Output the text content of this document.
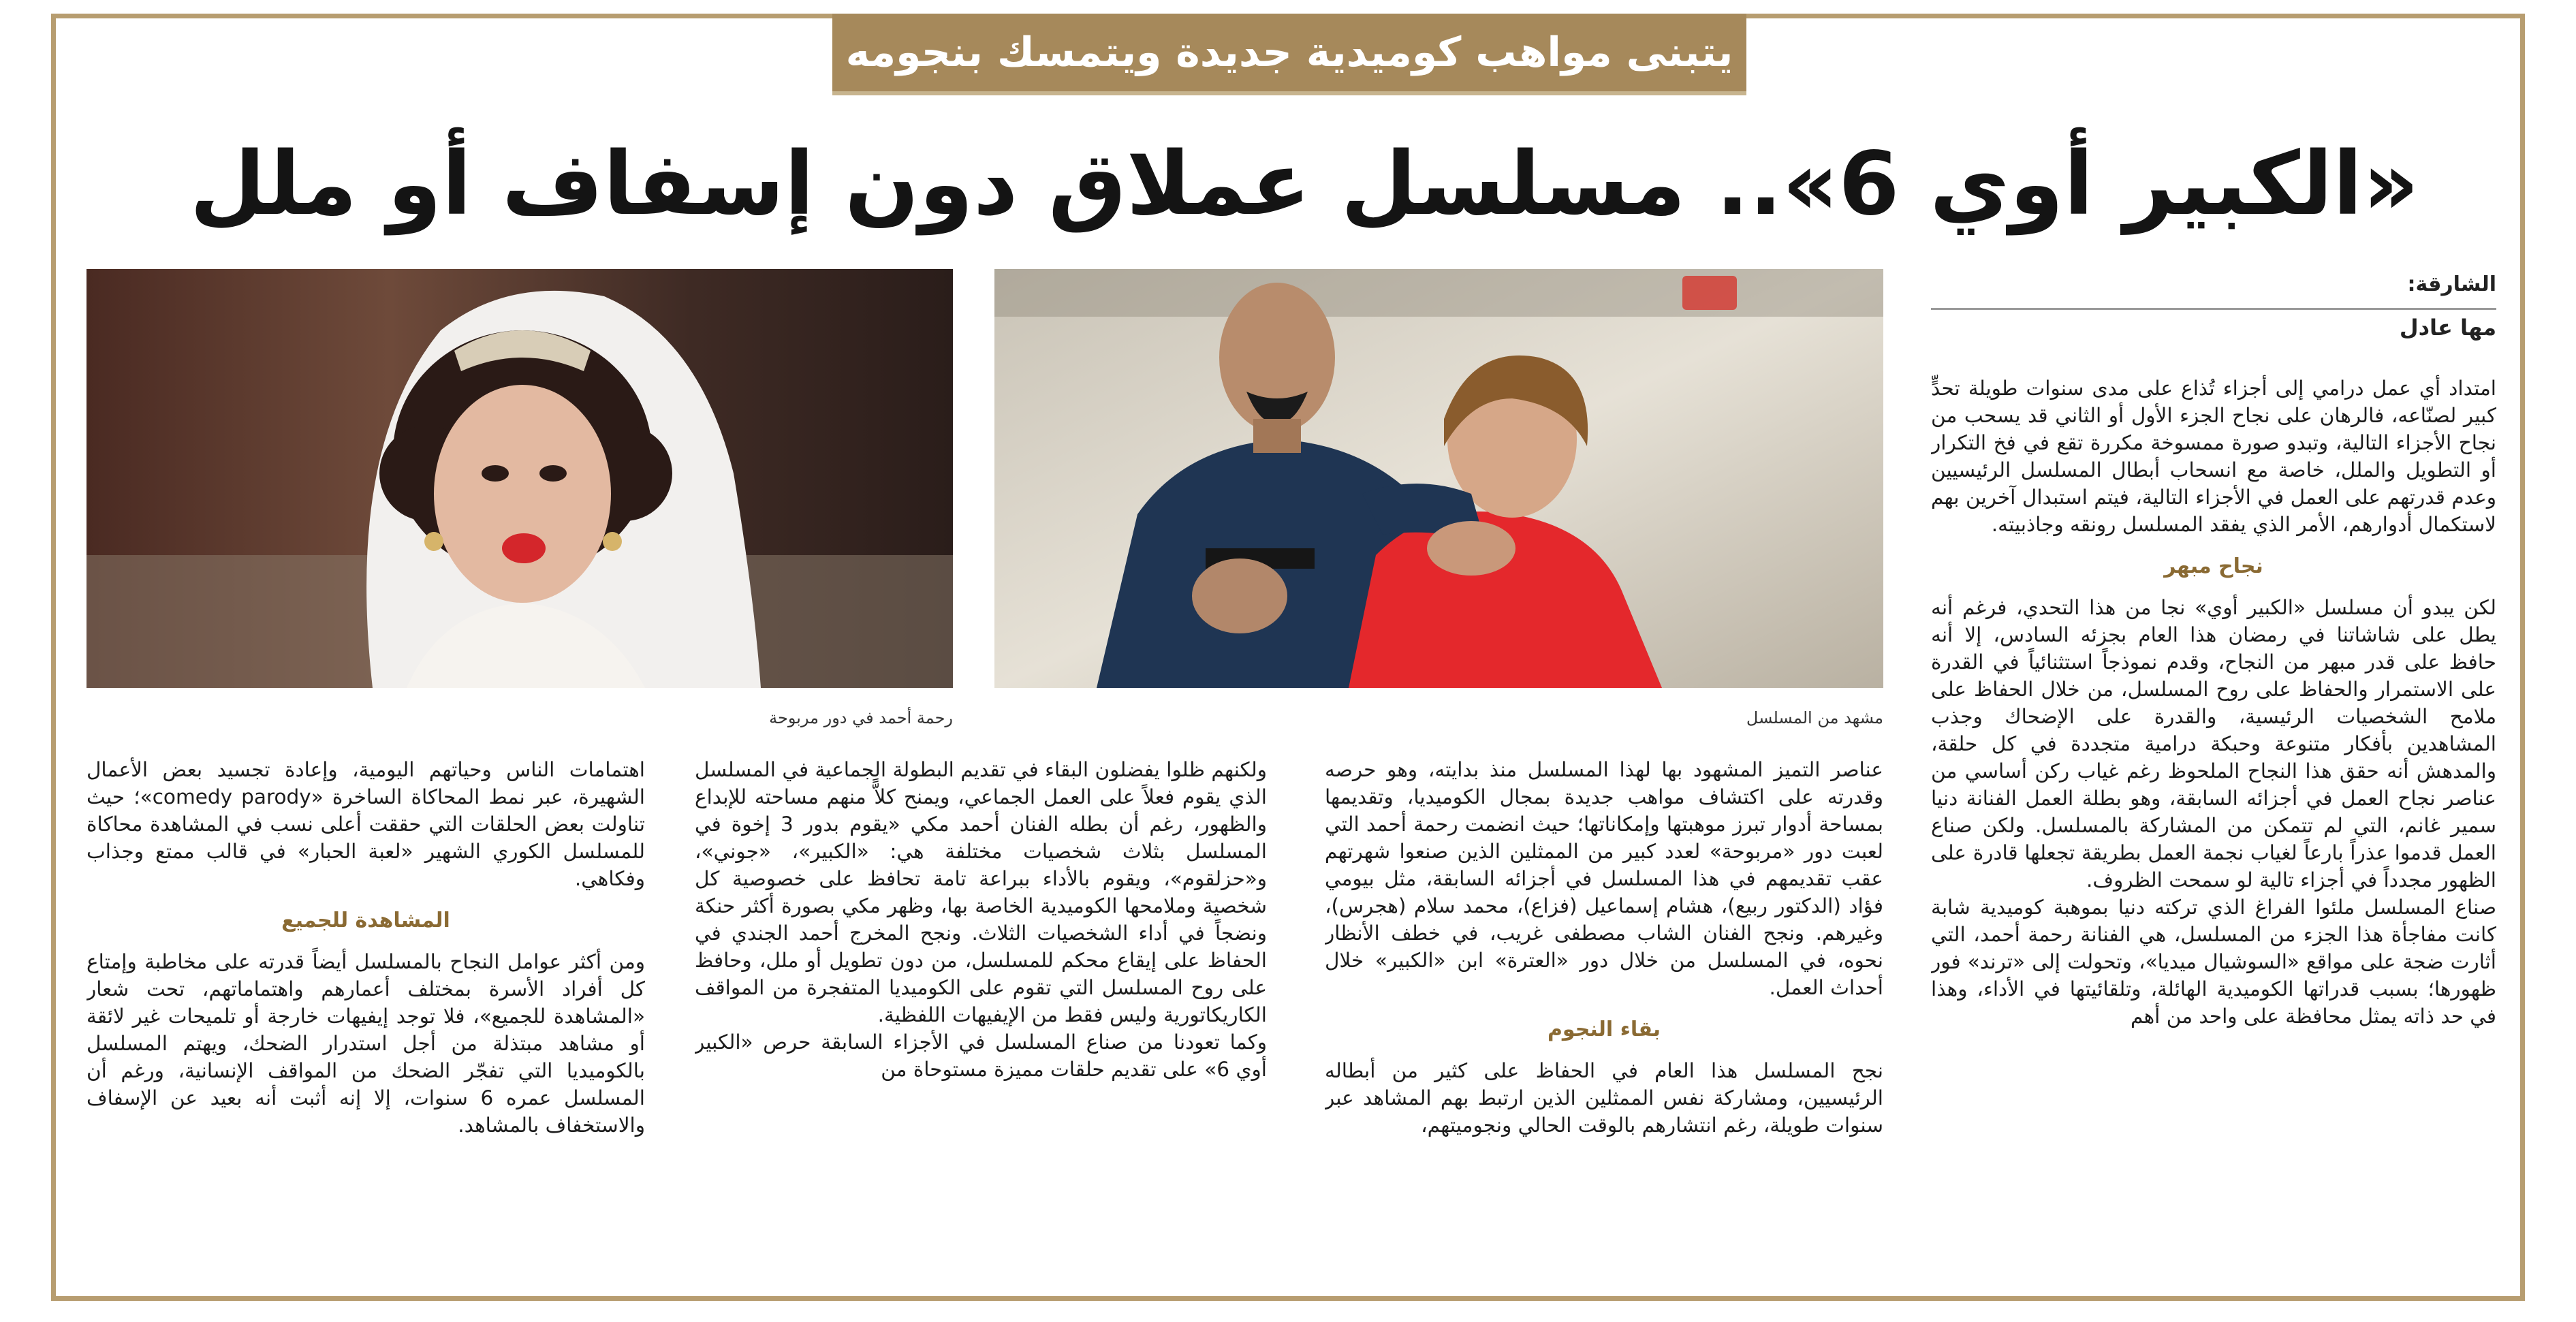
يتبنى مواهب كوميدية جديدة ويتمسك بنجومه
«الكبير أوي 6».. مسلسل عملاق دون إسفاف أو ملل
مشهد من المسلسل
رحمة أحمد في دور مربوحة
الشارقة:
مها عادل

امتداد أي عمل درامي إلى أجزاء تُذاع على مدى سنوات طويلة تحدٍّ كبير لصنّاعه، فالرهان على نجاح الجزء الأول أو الثاني قد يسحب من نجاح الأجزاء التالية، وتبدو صورة ممسوخة مكررة تقع في فخ التكرار أو التطويل والملل، خاصة مع انسحاب أبطال المسلسل الرئيسيين وعدم قدرتهم على العمل في الأجزاء التالية، فيتم استبدال آخرين بهم لاستكمال أدوارهم، الأمر الذي يفقد المسلسل رونقه وجاذبيته.

نجاح مبهر

لكن يبدو أن مسلسل «الكبير أوي» نجا من هذا التحدي، فرغم أنه يطل على شاشاتنا في رمضان هذا العام بجزئه السادس، إلا أنه حافظ على قدر مبهر من النجاح، وقدم نموذجاً استثنائياً في القدرة على الاستمرار والحفاظ على روح المسلسل، من خلال الحفاظ على ملامح الشخصيات الرئيسية، والقدرة على الإضحاك وجذب المشاهدين بأفكار متنوعة وحبكة درامية متجددة في كل حلقة، والمدهش أنه حقق هذا النجاح الملحوظ رغم غياب ركن أساسي من عناصر نجاح العمل في أجزائه السابقة، وهو بطلة العمل الفنانة دنيا سمير غانم، التي لم تتمكن من المشاركة بالمسلسل. ولكن صناع العمل قدموا عذراً بارعاً لغياب نجمة العمل بطريقة تجعلها قادرة على الظهور مجدداً في أجزاء تالية لو سمحت الظروف.

صناع المسلسل ملئوا الفراغ الذي تركته دنيا بموهبة كوميدية شابة كانت مفاجأة هذا الجزء من المسلسل، هي الفنانة رحمة أحمد، التي أثارت ضجة على مواقع «السوشيال ميديا»، وتحولت إلى «ترند» فور ظهورها؛ بسبب قدراتها الكوميدية الهائلة، وتلقائيتها في الأداء، وهذا في حد ذاته يمثل محافظة على واحد من أهم

عناصر التميز المشهود بها لهذا المسلسل منذ بدايته، وهو حرصه وقدرته على اكتشاف مواهب جديدة بمجال الكوميديا، وتقديمها بمساحة أدوار تبرز موهبتها وإمكاناتها؛ حيث انضمت رحمة أحمد التي لعبت دور «مربوحة» لعدد كبير من الممثلين الذين صنعوا شهرتهم عقب تقديمهم في هذا المسلسل في أجزائه السابقة، مثل بيومي فؤاد (الدكتور ربيع)، هشام إسماعيل (فزاع)، محمد سلام (هجرس)، وغيرهم. ونجح الفنان الشاب مصطفى غريب، في خطف الأنظار نحوه، في المسلسل من خلال دور «العترة» ابن «الكبير» خلال أحداث العمل.

بقاء النجوم

نجح المسلسل هذا العام في الحفاظ على كثير من أبطاله الرئيسيين، ومشاركة نفس الممثلين الذين ارتبط بهم المشاهد عبر سنوات طويلة، رغم انتشارهم بالوقت الحالي ونجوميتهم،

ولكنهم ظلوا يفضلون البقاء في تقديم البطولة الجماعية في المسلسل الذي يقوم فعلاً على العمل الجماعي، ويمنح كلاًّ منهم مساحته للإبداع والظهور، رغم أن بطله الفنان أحمد مكي «يقوم بدور 3 إخوة في المسلسل بثلاث شخصيات مختلفة هي: «الكبير»، «جوني»، و«حزلقوم»، ويقوم بالأداء ببراعة تامة تحافظ على خصوصية كل شخصية وملامحها الكوميدية الخاصة بها، وظهر مكي بصورة أكثر حنكة ونضجاً في أداء الشخصيات الثلاث. ونجح المخرج أحمد الجندي في الحفاظ على إيقاع محكم للمسلسل، من دون تطويل أو ملل، وحافظ على روح المسلسل التي تقوم على الكوميديا المتفجرة من المواقف الكاريكاتورية وليس فقط من الإيفيهات اللفظية.

وكما تعودنا من صناع المسلسل في الأجزاء السابقة حرص «الكبير أوي 6» على تقديم حلقات مميزة مستوحاة من

اهتمامات الناس وحياتهم اليومية، وإعادة تجسيد بعض الأعمال الشهيرة، عبر نمط المحاكاة الساخرة «comedy parody»؛ حيث تناولت بعض الحلقات التي حققت أعلى نسب في المشاهدة محاكاة للمسلسل الكوري الشهير «لعبة الحبار» في قالب ممتع وجذاب وفكاهي.

المشاهدة للجميع

ومن أكثر عوامل النجاح بالمسلسل أيضاً قدرته على مخاطبة وإمتاع كل أفراد الأسرة بمختلف أعمارهم واهتماماتهم، تحت شعار «المشاهدة للجميع»، فلا توجد إيفيهات خارجة أو تلميحات غير لائقة أو مشاهد مبتذلة من أجل استدرار الضحك، ويهتم المسلسل بالكوميديا التي تفجّر الضحك من المواقف الإنسانية، ورغم أن المسلسل عمره 6 سنوات، إلا إنه أثبت أنه بعيد عن الإسفاف والاستخفاف بالمشاهد.
